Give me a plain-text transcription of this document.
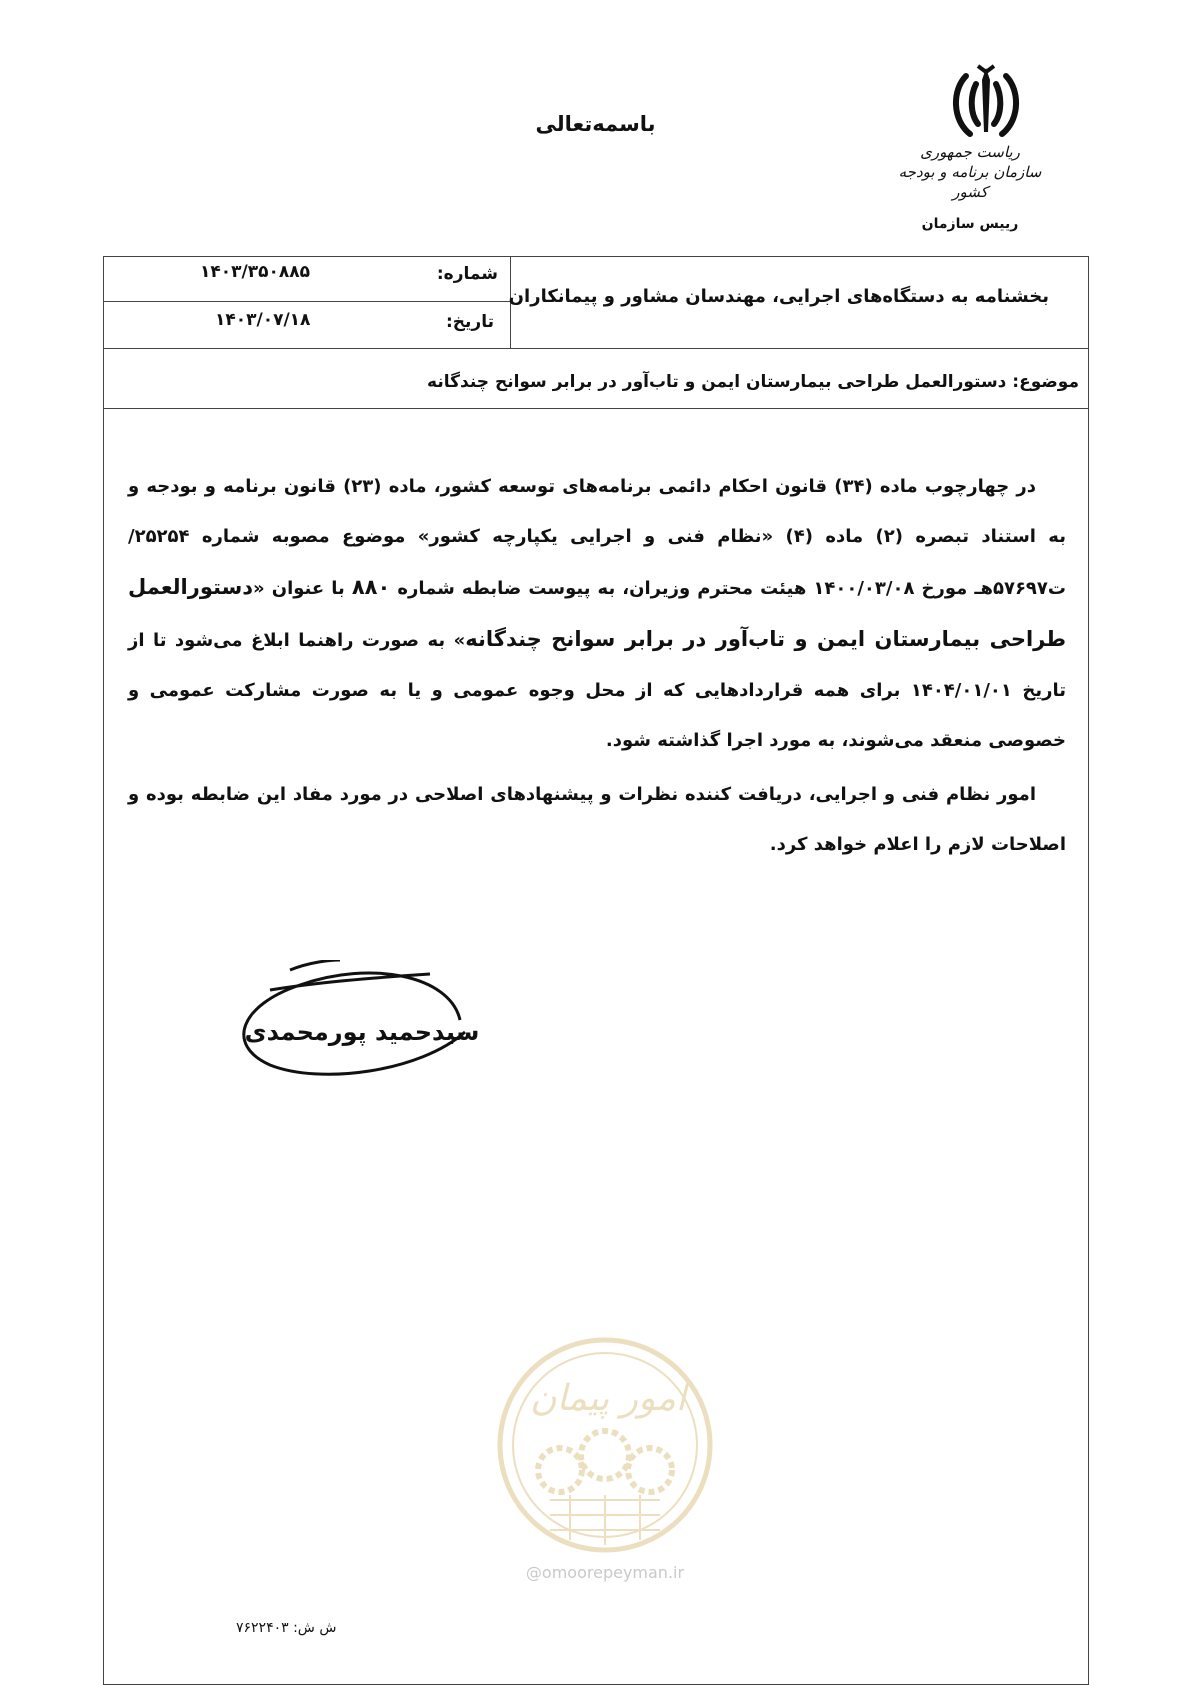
باسمه‌تعالی
ریاست جمهوری
سازمان برنامه و بودجه کشور
رییس سازمان
شماره:
۱۴۰۳/۳۵۰۸۸۵
تاریخ:
۱۴۰۳/۰۷/۱۸
بخشنامه به دستگاه‌های اجرایی، مهندسان مشاور و پیمانکاران
موضوع: دستورالعمل طراحی بیمارستان ایمن و تاب‌آور در برابر سوانح چندگانه

در چهارچوب ماده (۳۴) قانون احکام دائمی برنامه‌های توسعه کشور، ماده (۲۳) قانون برنامه و بودجه و به استناد تبصره (۲) ماده (۴) «نظام فنی و اجرایی یکپارچه کشور» موضوع مصوبه شماره ۲۵۲۵۴/ت۵۷۶۹۷هـ مورخ ۱۴۰۰/۰۳/۰۸ هیئت محترم وزیران، به پیوست ضابطه شماره ۸۸۰ با عنوان «دستورالعمل طراحی بیمارستان ایمن و تاب‌آور در برابر سوانح چندگانه» به صورت راهنما ابلاغ می‌شود تا از تاریخ ۱۴۰۴/۰۱/۰۱ برای همه قراردادهایی که از محل وجوه عمومی و یا به صورت مشارکت عمومی و خصوصی منعقد می‌شوند، به مورد اجرا گذاشته شود.

امور نظام فنی و اجرایی، دریافت کننده نظرات و پیشنهادهای اصلاحی در مورد مفاد این ضابطه بوده و اصلاحات لازم را اعلام خواهد کرد.

سیدحمید پورمحمدی
امور پیمان
@omoorepeyman.ir
ش ش: ۷۶۲۲۴۰۳
